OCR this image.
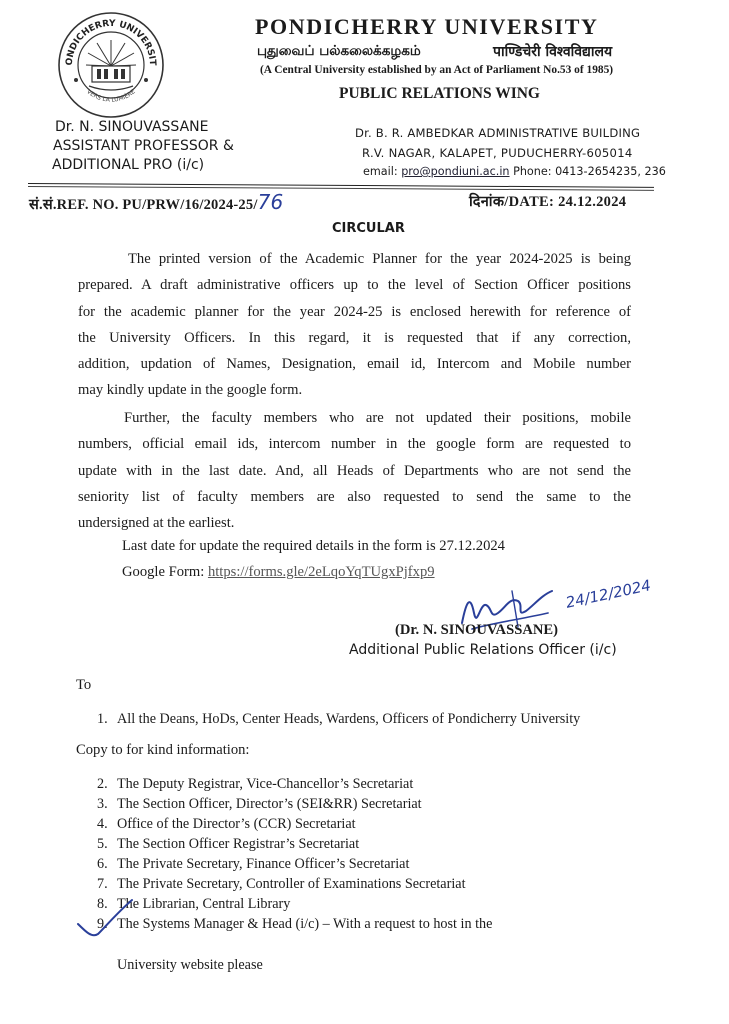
ONDICHERRY UNIVERSIT
VERS LA LUMIÈRE
PONDICHERRY UNIVERSITY
புதுவைப் பல்கலைக்கழகம்	पाण्डिचेरी विश्वविद्यालय
(A Central University established by an Act of Parliament No.53 of 1985)
PUBLIC RELATIONS WING
Dr. N. SINOUVASSANE
ASSISTANT PROFESSOR &
ADDITIONAL PRO (i/c)
Dr. B. R. AMBEDKAR ADMINISTRATIVE BUILDING
R.V. NAGAR, KALAPET, PUDUCHERRY-605014
email: pro@pondiuni.ac.in Phone: 0413-2654235, 236
सं.सं.REF. NO. PU/PRW/16/2024-25/76	दिनांक/DATE: 24.12.2024
CIRCULAR
The printed version of the Academic Planner for the year 2024-2025 is being
prepared. A draft administrative officers up to the level of Section Officer positions
for the academic planner for the year 2024-25 is enclosed herewith for reference of
the University Officers. In this regard, it is requested that if any correction,
addition, updation of Names, Designation, email id, Intercom and Mobile number
may kindly update in the google form.
Further, the faculty members who are not updated their positions, mobile
numbers, official email ids, intercom number in the google form are requested to
update with in the last date. And, all Heads of Departments who are not send the
seniority list of faculty members are also requested to send the same to the
undersigned at the earliest.
Last date for update the required details in the form is 27.12.2024
Google Form: https://forms.gle/2eLqoYqTUgxPjfxp9
24/12/2024
(Dr. N. SINOUVASSANE)
Additional Public Relations Officer (i/c)
To
1. All the Deans, HoDs, Center Heads, Wardens, Officers of Pondicherry University
Copy to for kind information:
2. The Deputy Registrar, Vice-Chancellor’s Secretariat
3. The Section Officer, Director’s (SEI&RR) Secretariat
4. Office of the Director’s (CCR) Secretariat
5. The Section Officer Registrar’s Secretariat
6. The Private Secretary, Finance Officer’s Secretariat
7. The Private Secretary, Controller of Examinations Secretariat
8. The Librarian, Central Library
9. The Systems Manager & Head (i/c) – With a request to host in the
University website please
